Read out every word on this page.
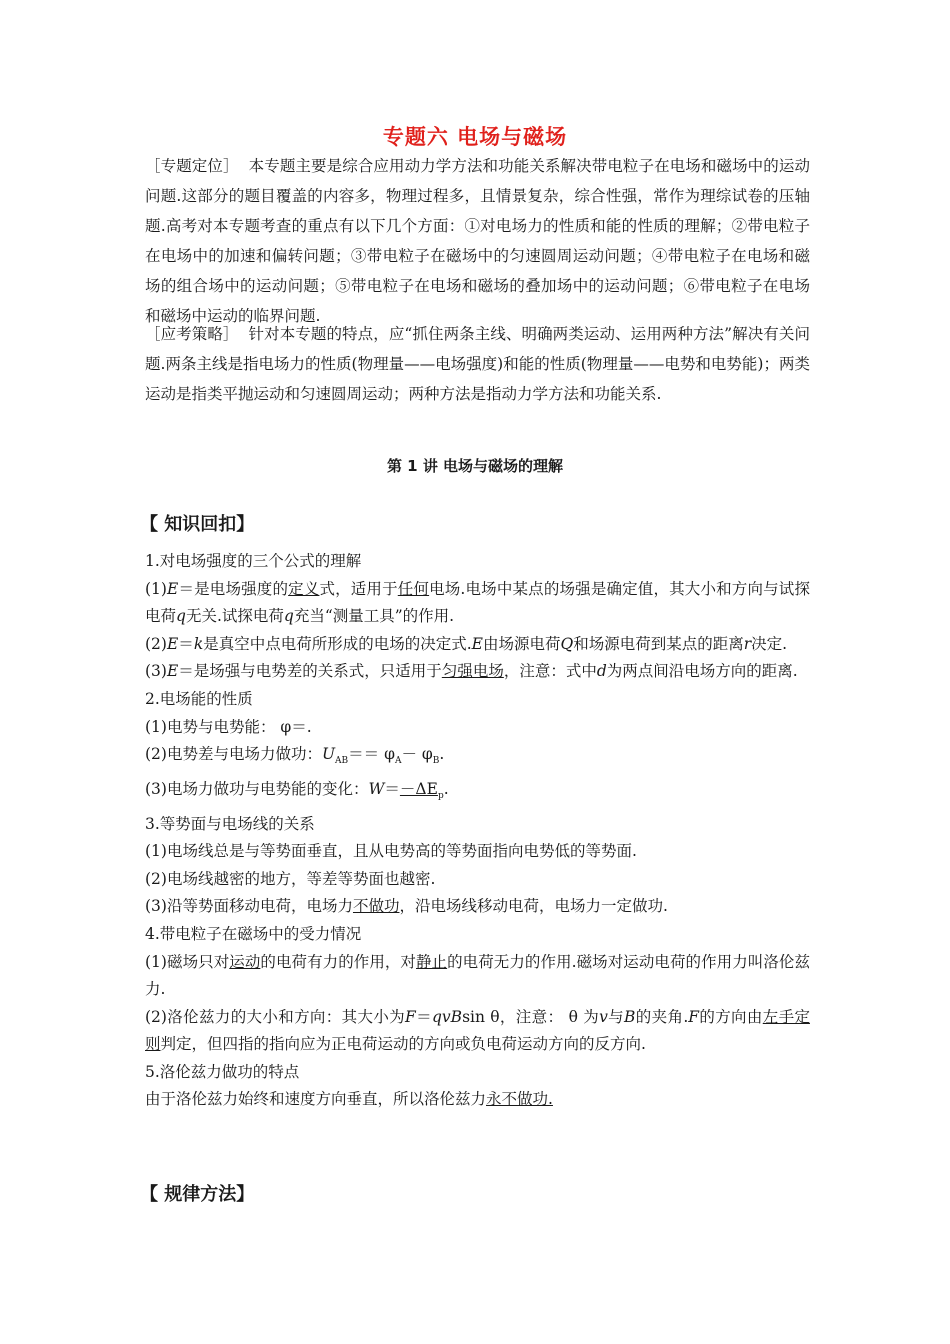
专题六 电场与磁场
［专题定位］ 本专题主要是综合应用动力学方法和功能关系解决带电粒子在电场和磁场中的运动问题.这部分的题目覆盖的内容多，物理过程多，且情景复杂，综合性强，常作为理综试卷的压轴题.高考对本专题考查的重点有以下几个方面：①对电场力的性质和能的性质的理解；②带电粒子在电场中的加速和偏转问题；③带电粒子在磁场中的匀速圆周运动问题；④带电粒子在电场和磁场的组合场中的运动问题；⑤带电粒子在电场和磁场的叠加场中的运动问题；⑥带电粒子在电场和磁场中运动的临界问题.
［应考策略］ 针对本专题的特点，应“抓住两条主线、明确两类运动、运用两种方法”解决有关问题.两条主线是指电场力的性质(物理量——电场强度)和能的性质(物理量——电势和电势能)；两类运动是指类平抛运动和匀速圆周运动；两种方法是指动力学方法和功能关系.
第 1 讲 电场与磁场的理解
【 知识回扣】
1.对电场强度的三个公式的理解
(1)E＝是电场强度的定义式，适用于任何电场.电场中某点的场强是确定值，其大小和方向与试探电荷q无关.试探电荷q充当“测量工具”的作用.
(2)E＝k是真空中点电荷所形成的电场的决定式.E由场源电荷Q和场源电荷到某点的距离r决定.
(3)E＝是场强与电势差的关系式，只适用于匀强电场，注意：式中d为两点间沿电场方向的距离.
2.电场能的性质
(1)电势与电势能： φ＝.
(2)电势差与电场力做功：$U_{AB}== \varphi_A- \varphi_B$.
(3)电场力做功与电势能的变化：$W=-\Delta E_p$.
3.等势面与电场线的关系
(1)电场线总是与等势面垂直，且从电势高的等势面指向电势低的等势面.
(2)电场线越密的地方，等差等势面也越密.
(3)沿等势面移动电荷，电场力不做功，沿电场线移动电荷，电场力一定做功.
4.带电粒子在磁场中的受力情况
(1)磁场只对运动的电荷有力的作用，对静止的电荷无力的作用.磁场对运动电荷的作用力叫洛伦兹力.
(2)洛伦兹力的大小和方向：其大小为F＝qvBsin θ，注意： θ 为v与B的夹角.F的方向由左手定则判定，但四指的指向应为正电荷运动的方向或负电荷运动方向的反方向.
5.洛伦兹力做功的特点
由于洛伦兹力始终和速度方向垂直，所以洛伦兹力永不做功.
【 规律方法】
